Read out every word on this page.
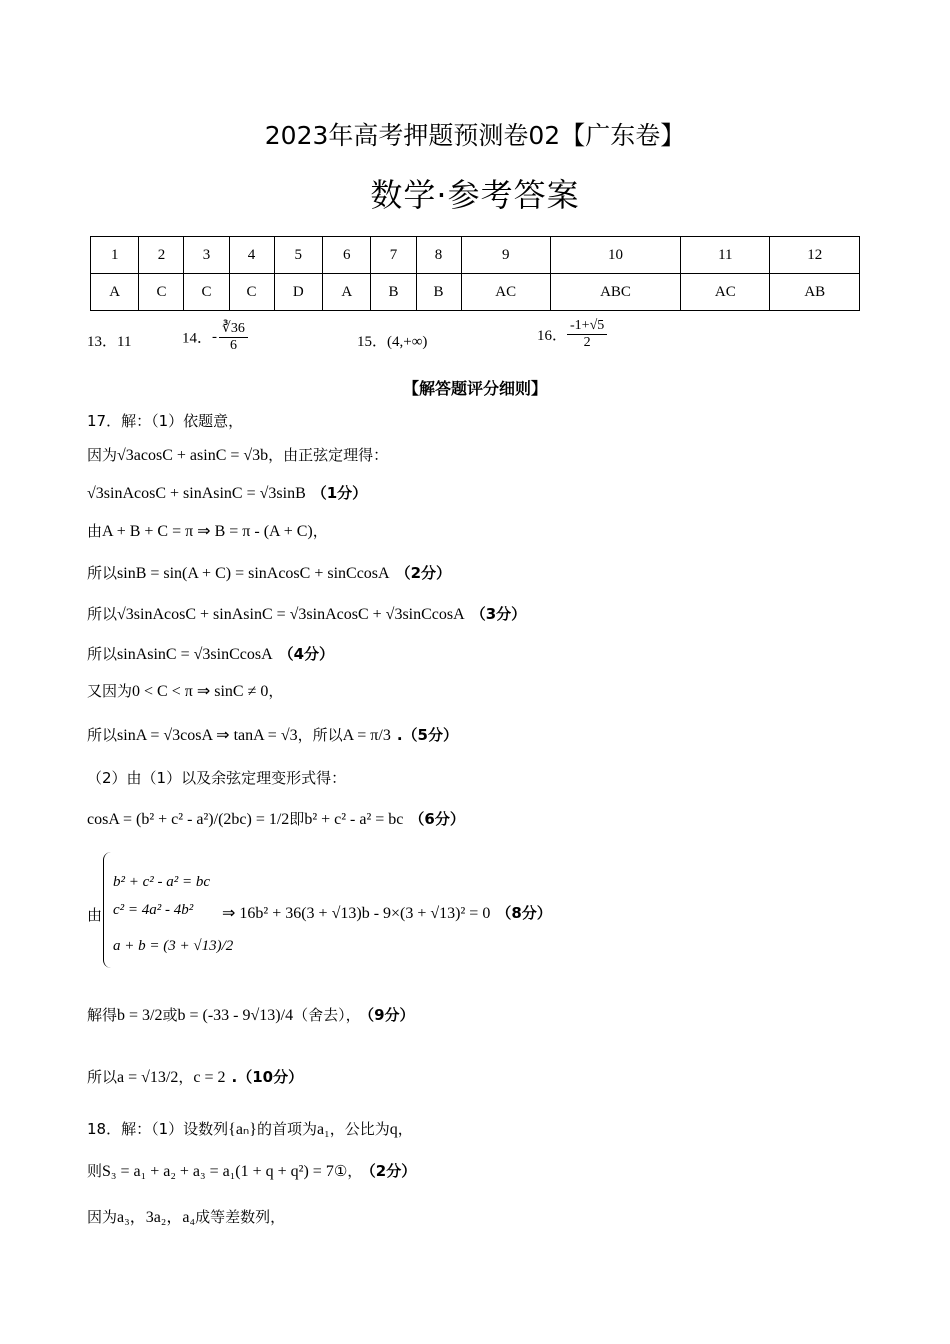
2023年高考押题预测卷02【广东卷】
数学·参考答案
1	2	3	4	5	6	7	8	9	10	11	12
A	C	C	C	D	A	B	B	AC	ABC	AC	AB
13．11	14．- $\frac{∛36}{6}$	15．(4,+∞)	16． $\frac{-1+√5}{2}$
【解答题评分细则】
17．解：（1）依题意，
因为√3acosC + asinC = √3b，由正弦定理得：
√3sinAcosC + sinAsinC = √3sinB （1分）
由A + B + C = π ⇒ B = π - (A + C)，
所以sinB = sin(A + C) = sinAcosC + sinCcosA （2分）
所以√3sinAcosC + sinAsinC = √3sinAcosC + √3sinCcosA （3分）
所以sinAsinC = √3sinCcosA （4分）
又因为0 < C < π ⇒ sinC ≠ 0，
所以sinA = √3cosA ⇒ tanA = √3，所以A = π/3 .（5分）
（2）由（1）以及余弦定理变形式得：
cosA = (b² + c² - a²)/(2bc) = 1/2即b² + c² - a² = bc （6分）
由
b² + c² - a² = bc
c² = 4a² - 4b²
a + b = (3 + √13)/2
⇒ 16b² + 36(3 + √13)b - 9×(3 + √13)² = 0 （8分）
解得b = 3/2或b = (-33 - 9√13)/4（舍去）， （9分）
所以a = √13/2，c = 2 .（10分）
18．解：（1）设数列{aₙ}的首项为a₁，公比为q，
则S₃ = a₁ + a₂ + a₃ = a₁(1 + q + q²) = 7①， （2分）
因为a₃，3a₂，a₄成等差数列，
